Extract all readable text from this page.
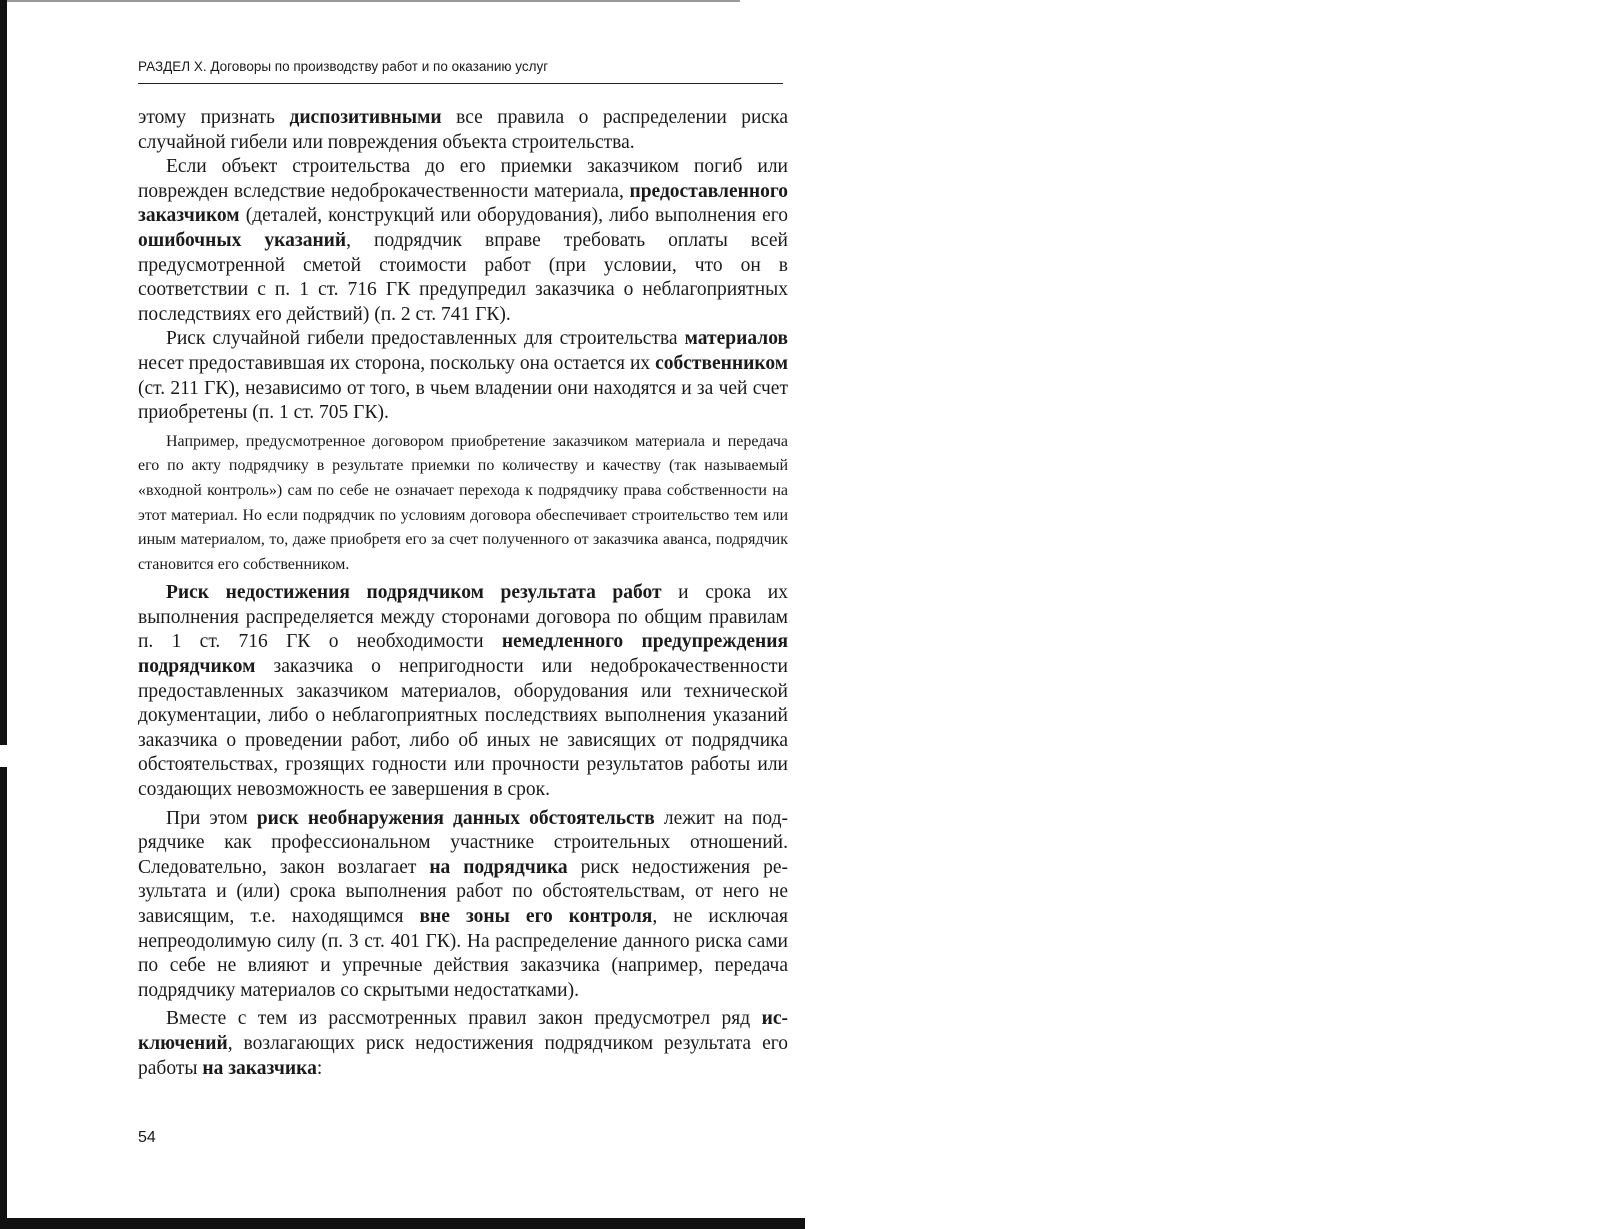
РАЗДЕЛ X. Договоры по производству работ и по оказанию услуг

этому признать диспозитивными все правила о распределении риска случайной гибели или повреждения объекта строительства.

Если объект строительства до его приемки заказчиком погиб или поврежден вследствие недоброкачественности материала, предоставленного заказчиком (деталей, конструкций или оборудования), либо выполнения его ошибочных указаний, подрядчик вправе требовать оплаты всей предусмотренной сметой стоимости работ (при условии, что он в соответствии с п. 1 ст. 716 ГК предупредил заказчика о неблагоприятных последствиях его действий) (п. 2 ст. 741 ГК).

Риск случайной гибели предоставленных для строительства материалов несет предоставившая их сторона, поскольку она остается их собственником (ст. 211 ГК), независимо от того, в чьем владении они находятся и за чей счет приобретены (п. 1 ст. 705 ГК).

Например, предусмотренное договором приобретение заказчиком материала и передача его по акту подрядчику в результате приемки по количеству и качеству (так называемый «входной контроль») сам по себе не означает перехода к подрядчику права собственности на этот материал. Но если подрядчик по условиям договора обеспечивает строительство тем или иным материалом, то, даже приобретя его за счет полученного от заказчика аванса, подрядчик становится его собственником.

Риск недостижения подрядчиком результата работ и срока их выполнения распределяется между сторонами договора по общим правилам п. 1 ст. 716 ГК о необходимости немедленного предупреждения подрядчиком заказчика о непригодности или недоброкачественности предоставленных заказчиком материалов, оборудования или технической документации, либо о неблагоприятных последствиях выполнения указаний заказчика о проведении работ, либо об иных не зависящих от подрядчика обстоятельствах, грозящих годности или прочности результатов работы или создающих невозможность ее завершения в срок.

При этом риск необнаружения данных обстоятельств лежит на подрядчике как профессиональном участнике строительных отношений. Следовательно, закон возлагает на подрядчика риск недостижения результата и (или) срока выполнения работ по обстоятельствам, от него не зависящим, т.е. находящимся вне зоны его контроля, не исключая непреодолимую силу (п. 3 ст. 401 ГК). На распределение данного риска сами по себе не влияют и упречные действия заказчика (например, передача подрядчику материалов со скрытыми недостатками).

Вместе с тем из рассмотренных правил закон предусмотрел ряд исключений, возлагающих риск недостижения подрядчиком результата его работы на заказчика:

54
